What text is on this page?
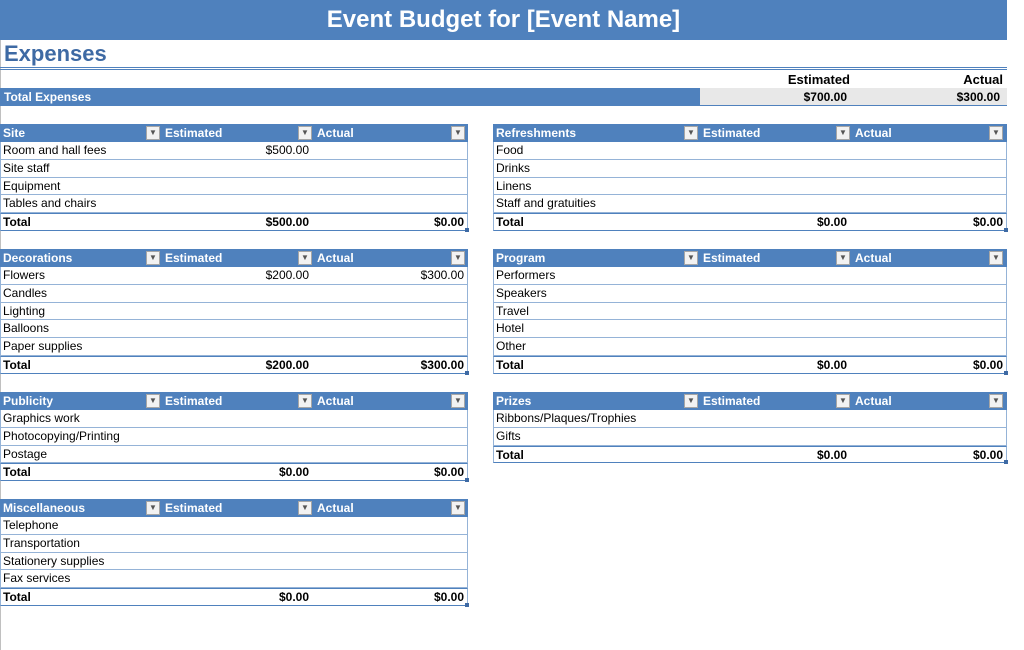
Event Budget for [Event Name]
Expenses
Estimated	Actual
Total Expenses	$700.00	$300.00
Site	Estimated	Actual
▼	▼	▼
Room and hall fees	$500.00
Site staff
Equipment
Tables and chairs
Total	$500.00	$0.00
Refreshments	Estimated	Actual
▼	▼	▼
Food
Drinks
Linens
Staff and gratuities
Total	$0.00	$0.00
Decorations	Estimated	Actual
▼	▼	▼
Flowers	$200.00	$300.00
Candles
Lighting
Balloons
Paper supplies
Total	$200.00	$300.00
Program	Estimated	Actual
▼	▼	▼
Performers
Speakers
Travel
Hotel
Other
Total	$0.00	$0.00
Publicity	Estimated	Actual
▼	▼	▼
Graphics work
Photocopying/Printing
Postage
Total	$0.00	$0.00
Prizes	Estimated	Actual
▼	▼	▼
Ribbons/Plaques/Trophies
Gifts
Total	$0.00	$0.00
Miscellaneous	Estimated	Actual
▼	▼	▼
Telephone
Transportation
Stationery supplies
Fax services
Total	$0.00	$0.00
